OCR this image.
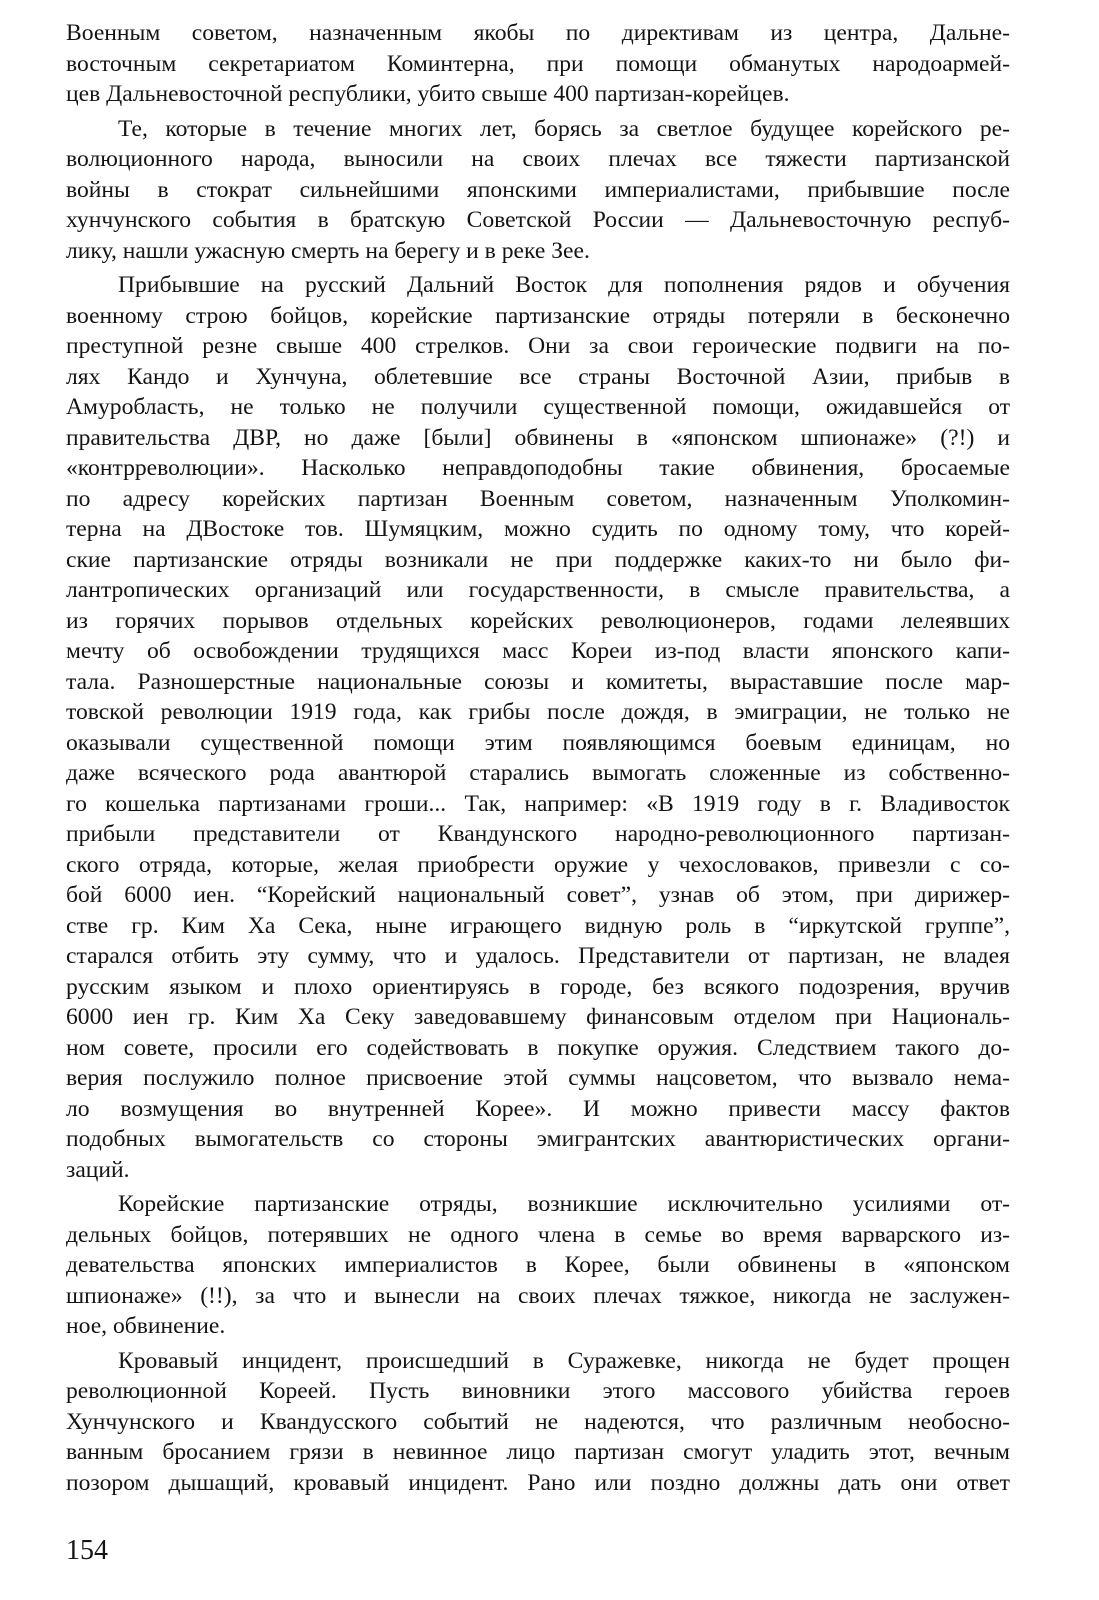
Военным советом, назначенным якобы по директивам из центра, Дальне-
восточным секретариатом Коминтерна, при помощи обманутых народоармей-
цев Дальневосточной республики, убито свыше 400 партизан-корейцев.
Те, которые в течение многих лет, борясь за светлое будущее корейского ре-
волюционного народа, выносили на своих плечах все тяжести партизанской
войны в стократ сильнейшими японскими империалистами, прибывшие после
хунчунского события в братскую Советской России — Дальневосточную респуб-
лику, нашли ужасную смерть на берегу и в реке Зее.
Прибывшие на русский Дальний Восток для пополнения рядов и обучения
военному строю бойцов, корейские партизанские отряды потеряли в бесконечно
преступной резне свыше 400 стрелков. Они за свои героические подвиги на по-
лях Кандо и Хунчуна, облетевшие все страны Восточной Азии, прибыв в
Амуробласть, не только не получили существенной помощи, ожидавшейся от
правительства ДВР, но даже [были] обвинены в «японском шпионаже» (?!) и
«контрреволюции». Насколько неправдоподобны такие обвинения, бросаемые
по адресу корейских партизан Военным советом, назначенным Уполкомин-
терна на ДВостоке тов. Шумяцким, можно судить по одному тому, что корей-
ские партизанские отряды возникали не при поддержке каких-то ни было фи-
лантропических организаций или государственности, в смысле правительства, а
из горячих порывов отдельных корейских революционеров, годами лелеявших
мечту об освобождении трудящихся масс Кореи из-под власти японского капи-
тала. Разношерстные национальные союзы и комитеты, выраставшие после мар-
товской революции 1919 года, как грибы после дождя, в эмиграции, не только не
оказывали существенной помощи этим появляющимся боевым единицам, но
даже всяческого рода авантюрой старались вымогать сложенные из собственно-
го кошелька партизанами гроши... Так, например: «В 1919 году в г. Владивосток
прибыли представители от Квандунского народно-революционного партизан-
ского отряда, которые, желая приобрести оружие у чехословаков, привезли с со-
бой 6000 иен. “Корейский национальный совет”, узнав об этом, при дирижер-
стве гр. Ким Ха Сека, ныне играющего видную роль в “иркутской группе”,
старался отбить эту сумму, что и удалось. Представители от партизан, не владея
русским языком и плохо ориентируясь в городе, без всякого подозрения, вручив
6000 иен гр. Ким Ха Секу заведовавшему финансовым отделом при Националь-
ном совете, просили его содействовать в покупке оружия. Следствием такого до-
верия послужило полное присвоение этой суммы нацсоветом, что вызвало нема-
ло возмущения во внутренней Корее». И можно привести массу фактов
подобных вымогательств со стороны эмигрантских авантюристических органи-
заций.
Корейские партизанские отряды, возникшие исключительно усилиями от-
дельных бойцов, потерявших не одного члена в семье во время варварского из-
девательства японских империалистов в Корее, были обвинены в «японском
шпионаже» (!!), за что и вынесли на своих плечах тяжкое, никогда не заслужен-
ное, обвинение.
Кровавый инцидент, происшедший в Суражевке, никогда не будет прощен
революционной Кореей. Пусть виновники этого массового убийства героев
Хунчунского и Квандусского событий не надеются, что различным необосно-
ванным бросанием грязи в невинное лицо партизан смогут уладить этот, вечным
позором дышащий, кровавый инцидент. Рано или поздно должны дать они ответ
154
